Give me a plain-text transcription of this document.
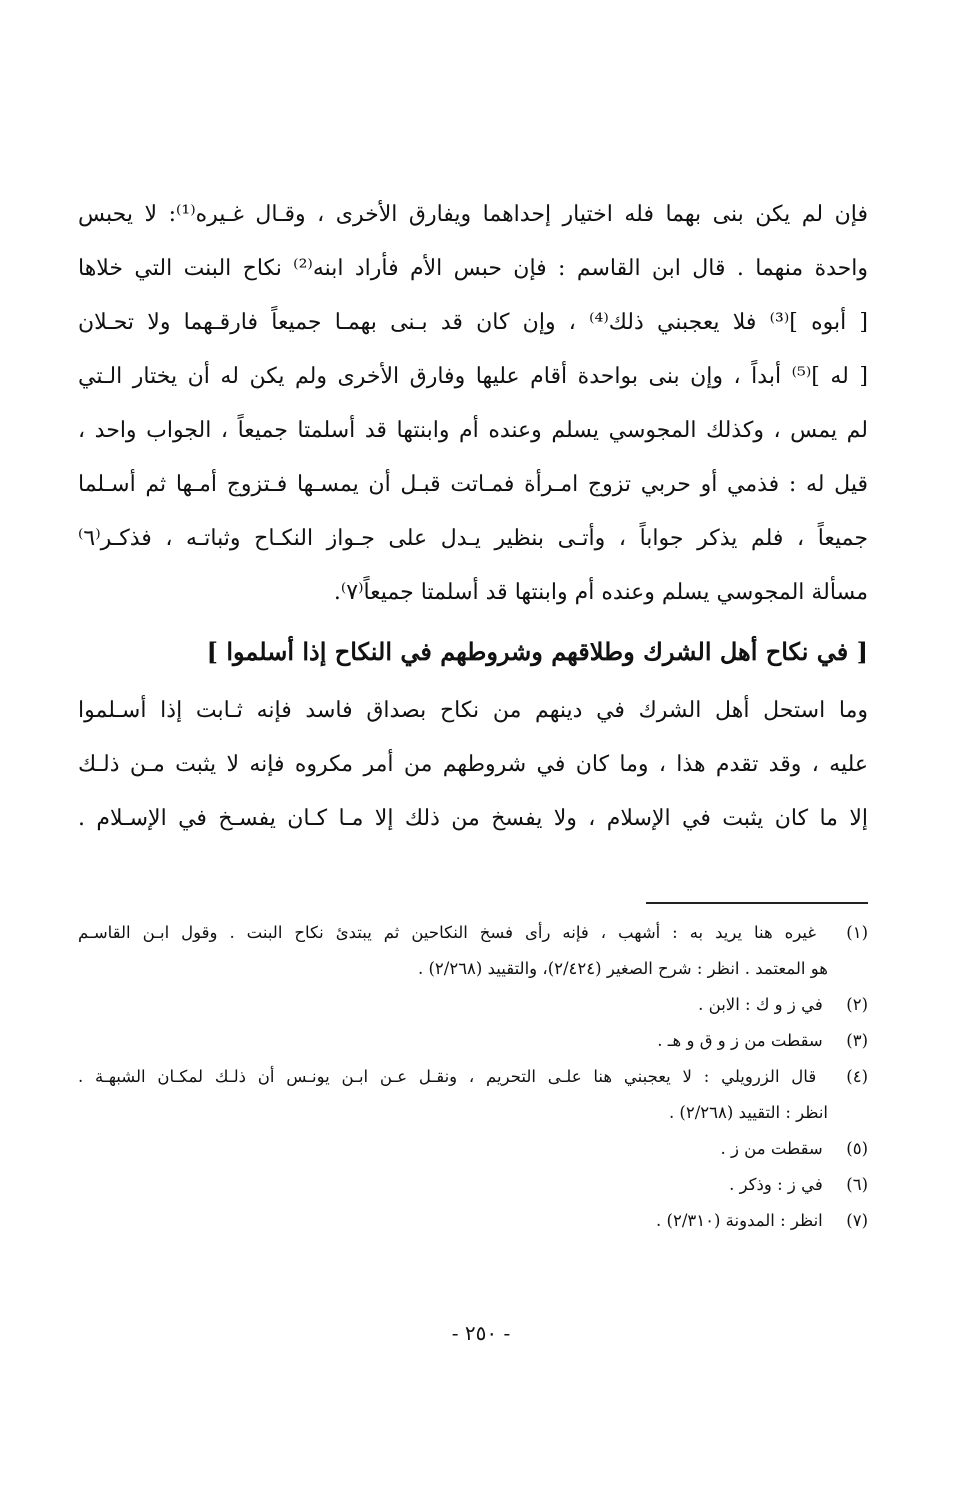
فإن لم يكن بنى بهما فله اختيار إحداهما ويفارق الأخرى ، وقـال غـيره⁽¹⁾: لا يحبس
واحدة منهما . قال ابن القاسم : فإن حبس الأم فأراد ابنه⁽²⁾ نكاح البنت التي خلاها
[ أبوه ]⁽³⁾ فلا يعجبني ذلك⁽⁴⁾ ، وإن كان قد بـنى بهمـا جميعاً فارقـهما ولا تحـلان
[ له ]⁽⁵⁾ أبداً ، وإن بنى بواحدة أقام عليها وفارق الأخرى ولم يكن له أن يختار الـتي
لم يمس ، وكذلك المجوسي يسلم وعنده أم وابنتها قد أسلمتا جميعاً ، الجواب واحد ،
قيل له : فذمي أو حربي تزوج امـرأة فمـاتت قبـل أن يمسـها فـتزوج أمـها ثم أسـلما
جميعاً ، فلم يذكر جواباً ، وأتـى بنظير يـدل على جـواز النكـاح وثباتـه ، فذكـر⁽٦⁾
مسألة المجوسي يسلم وعنده أم وابنتها قد أسلمتا جميعاً⁽٧⁾.
[ في نكاح أهل الشرك وطلاقهم وشروطهم في النكاح إذا أسلموا ]
وما استحل أهل الشرك في دينهم من نكاح بصداق فاسد فإنه ثـابت إذا أسـلموا
عليه ، وقد تقدم هذا ، وما كان في شروطهم من أمر مكروه فإنه لا يثبت مـن ذلـك
إلا ما كان يثبت في الإسلام ، ولا يفسخ من ذلك إلا مـا كـان يفسـخ في الإسـلام .
(١) غيره هنا يريد به : أشهب ، فإنه رأى فسخ النكاحين ثم يبتدئ نكاح البنت . وقول ابـن القاسـم
هو المعتمد . انظر : شرح الصغير (٢/٤٢٤)، والتقييد (٢/٢٦٨) .
(٢) في ز و ك : الابن .
(٣) سقطت من ز و ق و هـ .
(٤) قال الزرويلي : لا يعجبني هنا علـى التحريم ، ونقـل عـن ابـن يونـس أن ذلـك لمكـان الشبهـة .
انظر : التقييد (٢/٢٦٨) .
(٥) سقطت من ز .
(٦) في ز : وذكر .
(٧) انظر : المدونة (٢/٣١٠) .
- ٢٥٠ -
